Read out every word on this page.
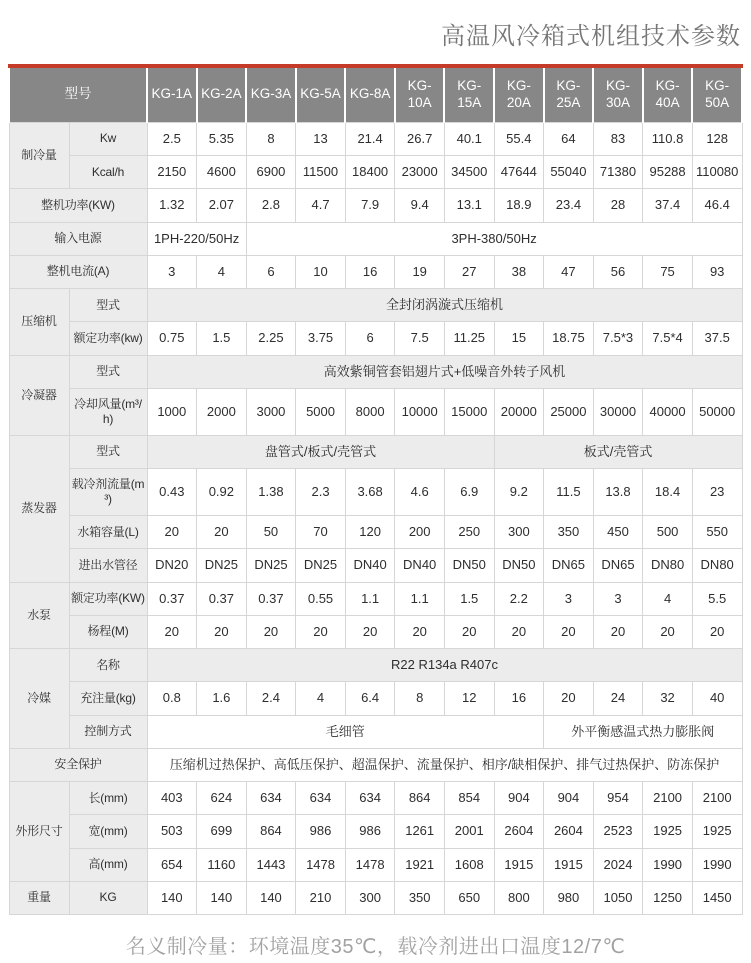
高温风冷箱式机组技术参数
型号		KG-1A	KG-2A	KG-3A	KG-5A	KG-8A	KG-10A	KG-15A	KG-20A	KG-25A	KG-30A	KG-40A	KG-50A
制冷量	Kw	2.5	5.35	8	13	21.4	26.7	40.1	55.4	64	83	110.8	128
	Kcal/h	2150	4600	6900	11500	18400	23000	34500	47644	55040	71380	95288	110080
整机功率(KW)		1.32	2.07	2.8	4.7	7.9	9.4	13.1	18.9	23.4	28	37.4	46.4
输入电源		1PH-220/50Hz		3PH-380/50Hz									
整机电流(A)		3	4	6	10	16	19	27	38	47	56	75	93
压缩机	型式	全封闭涡漩式压缩机											
	额定功率(kw)	0.75	1.5	2.25	3.75	6	7.5	11.25	15	18.75	7.5*3	7.5*4	37.5
冷凝器	型式	高效紫铜管套铝翅片式+低噪音外转子风机											
	冷却风量(m³/h)	1000	2000	3000	5000	8000	10000	15000	20000	25000	30000	40000	50000
蒸发器	型式	盘管式/板式/壳管式							板式/壳管式				
	载冷剂流量(m³)	0.43	0.92	1.38	2.3	3.68	4.6	6.9	9.2	11.5	13.8	18.4	23
	水箱容量(L)	20	20	50	70	120	200	250	300	350	450	500	550
	进出水管径	DN20	DN25	DN25	DN25	DN40	DN40	DN50	DN50	DN65	DN65	DN80	DN80
水泵	额定功率(KW)	0.37	0.37	0.37	0.55	1.1	1.1	1.5	2.2	3	3	4	5.5
	杨程(M)	20	20	20	20	20	20	20	20	20	20	20	20
冷媒	名称	R22 R134a R407c											
	充注量(kg)	0.8	1.6	2.4	4	6.4	8	12	16	20	24	32	40
	控制方式	毛细管								外平衡感温式热力膨胀阀			
安全保护		压缩机过热保护、高低压保护、超温保护、流量保护、相序/缺相保护、排气过热保护、防冻保护											
外形尺寸	长(mm)	403	624	634	634	634	864	854	904	904	954	2100	2100
	宽(mm)	503	699	864	986	986	1261	2001	2604	2604	2523	1925	1925
	高(mm)	654	1160	1443	1478	1478	1921	1608	1915	1915	2024	1990	1990
重量	KG	140	140	140	210	300	350	650	800	980	1050	1250	1450
名义制冷量：环境温度35℃，载冷剂进出口温度12/7℃
